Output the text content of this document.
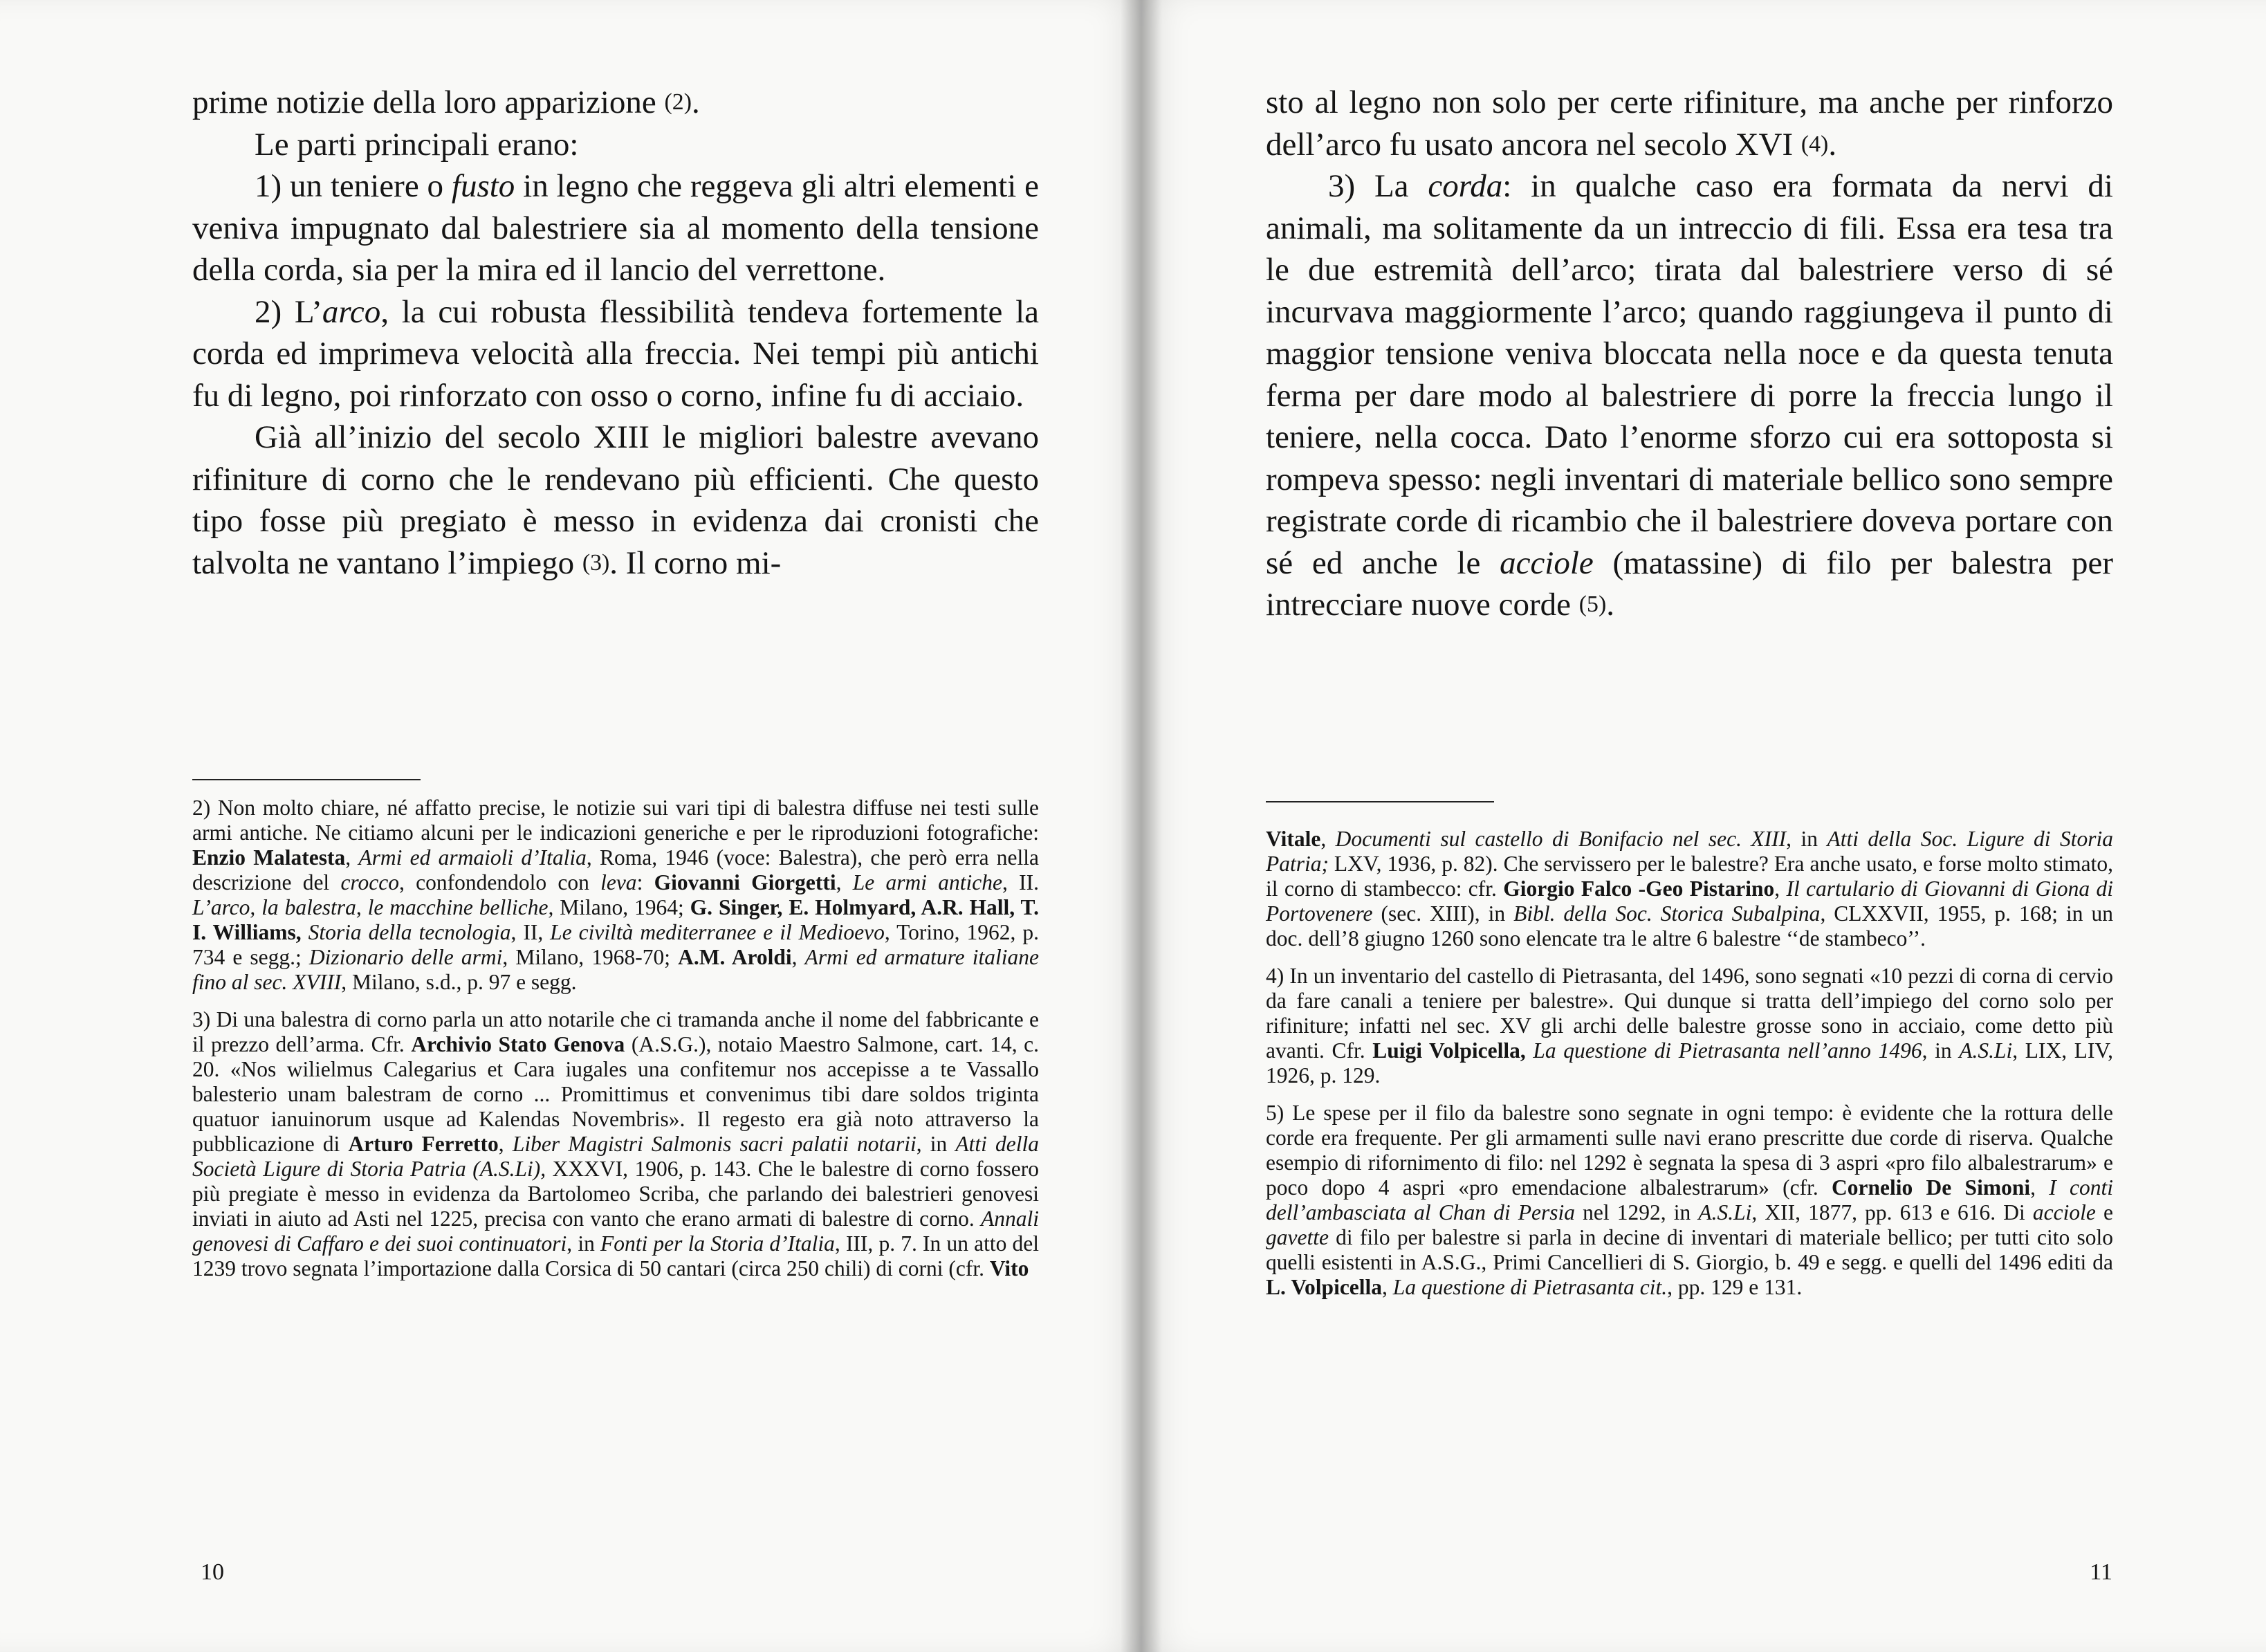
prime notizie della loro apparizione (2).

Le parti principali erano:

1) un teniere o fusto in legno che reggeva gli altri elementi e veniva impugnato dal balestriere sia al momento della tensione della corda, sia per la mira ed il lancio del verrettone.

2) L’arco, la cui robusta flessibilità tendeva fortemente la corda ed imprimeva velocità alla freccia. Nei tempi più antichi fu di legno, poi rinforzato con osso o corno, infine fu di acciaio.

Già all’inizio del secolo XIII le migliori balestre avevano rifiniture di corno che le rendevano più efficienti. Che questo tipo fosse più pregiato è messo in evidenza dai cronisti che talvolta ne vantano l’impiego (3). Il corno mi-

2) Non molto chiare, né affatto precise, le notizie sui vari tipi di balestra diffuse nei testi sulle armi antiche. Ne citiamo alcuni per le indicazioni generiche e per le riproduzioni fotografiche: Enzio Malatesta, Armi ed armaioli d’Italia, Roma, 1946 (voce: Balestra), che però erra nella descrizione del crocco, confondendolo con leva: Giovanni Giorgetti, Le armi antiche, II. L’arco, la balestra, le macchine belliche, Milano, 1964; G. Singer, E. Holmyard, A.R. Hall, T. I. Williams, Storia della tecnologia, II, Le civiltà mediterranee e il Medioevo, Torino, 1962, p. 734 e segg.; Dizionario delle armi, Milano, 1968-70; A.M. Aroldi, Armi ed armature italiane fino al sec. XVIII, Milano, s.d., p. 97 e segg.

3) Di una balestra di corno parla un atto notarile che ci tramanda anche il nome del fabbricante e il prezzo dell’arma. Cfr. Archivio Stato Genova (A.S.G.), notaio Maestro Salmone, cart. 14, c. 20. «Nos wilielmus Calegarius et Cara iugales una confitemur nos accepisse a te Vassallo balesterio unam balestram de corno ... Promittimus et convenimus tibi dare soldos triginta quatuor ianuinorum usque ad Kalendas Novembris». Il regesto era già noto attraverso la pubblicazione di Arturo Ferretto, Liber Magistri Salmonis sacri palatii notarii, in Atti della Società Ligure di Storia Patria (A.S.Li), XXXVI, 1906, p. 143. Che le balestre di corno fossero più pregiate è messo in evidenza da Bartolomeo Scriba, che parlando dei balestrieri genovesi inviati in aiuto ad Asti nel 1225, precisa con vanto che erano armati di balestre di corno. Annali genovesi di Caffaro e dei suoi continuatori, in Fonti per la Storia d’Italia, III, p. 7. In un atto del 1239 trovo segnata l’importazione dalla Corsica di 50 cantari (circa 250 chili) di corni (cfr. Vito

10

sto al legno non solo per certe rifiniture, ma anche per rinforzo dell’arco fu usato ancora nel secolo XVI (4).

3) La corda: in qualche caso era formata da nervi di animali, ma solitamente da un intreccio di fili. Essa era tesa tra le due estremità dell’arco; tirata dal balestriere verso di sé incurvava maggiormente l’arco; quando raggiungeva il punto di maggior tensione veniva bloccata nella noce e da questa tenuta ferma per dare modo al balestriere di porre la freccia lungo il teniere, nella cocca. Dato l’enorme sforzo cui era sottoposta si rompeva spesso: negli inventari di materiale bellico sono sempre registrate corde di ricambio che il balestriere doveva portare con sé ed anche le acciole (matassine) di filo per balestra per intrecciare nuove corde (5).

Vitale, Documenti sul castello di Bonifacio nel sec. XIII, in Atti della Soc. Ligure di Storia Patria; LXV, 1936, p. 82). Che servissero per le balestre? Era anche usato, e forse molto stimato, il corno di stambecco: cfr. Giorgio Falco -Geo Pistarino, Il cartulario di Giovanni di Giona di Portovenere (sec. XIII), in Bibl. della Soc. Storica Subalpina, CLXXVII, 1955, p. 168; in un doc. dell’8 giugno 1260 sono elencate tra le altre 6 balestre ‘‘de stambeco’’.

4) In un inventario del castello di Pietrasanta, del 1496, sono segnati «10 pezzi di corna di cervio da fare canali a teniere per balestre». Qui dunque si tratta dell’impiego del corno solo per rifiniture; infatti nel sec. XV gli archi delle balestre grosse sono in acciaio, come detto più avanti. Cfr. Luigi Volpicella, La questione di Pietrasanta nell’anno 1496, in A.S.Li, LIX, LIV, 1926, p. 129.

5) Le spese per il filo da balestre sono segnate in ogni tempo: è evidente che la rottura delle corde era frequente. Per gli armamenti sulle navi erano prescritte due corde di riserva. Qualche esempio di rifornimento di filo: nel 1292 è segnata la spesa di 3 aspri «pro filo albalestrarum» e poco dopo 4 aspri «pro emendacione albalestrarum» (cfr. Cornelio De Simoni, I conti dell’ambasciata al Chan di Persia nel 1292, in A.S.Li, XII, 1877, pp. 613 e 616. Di acciole e gavette di filo per balestre si parla in decine di inventari di materiale bellico; per tutti cito solo quelli esistenti in A.S.G., Primi Cancellieri di S. Giorgio, b. 49 e segg. e quelli del 1496 editi da L. Volpicella, La questione di Pietrasanta cit., pp. 129 e 131.

11
